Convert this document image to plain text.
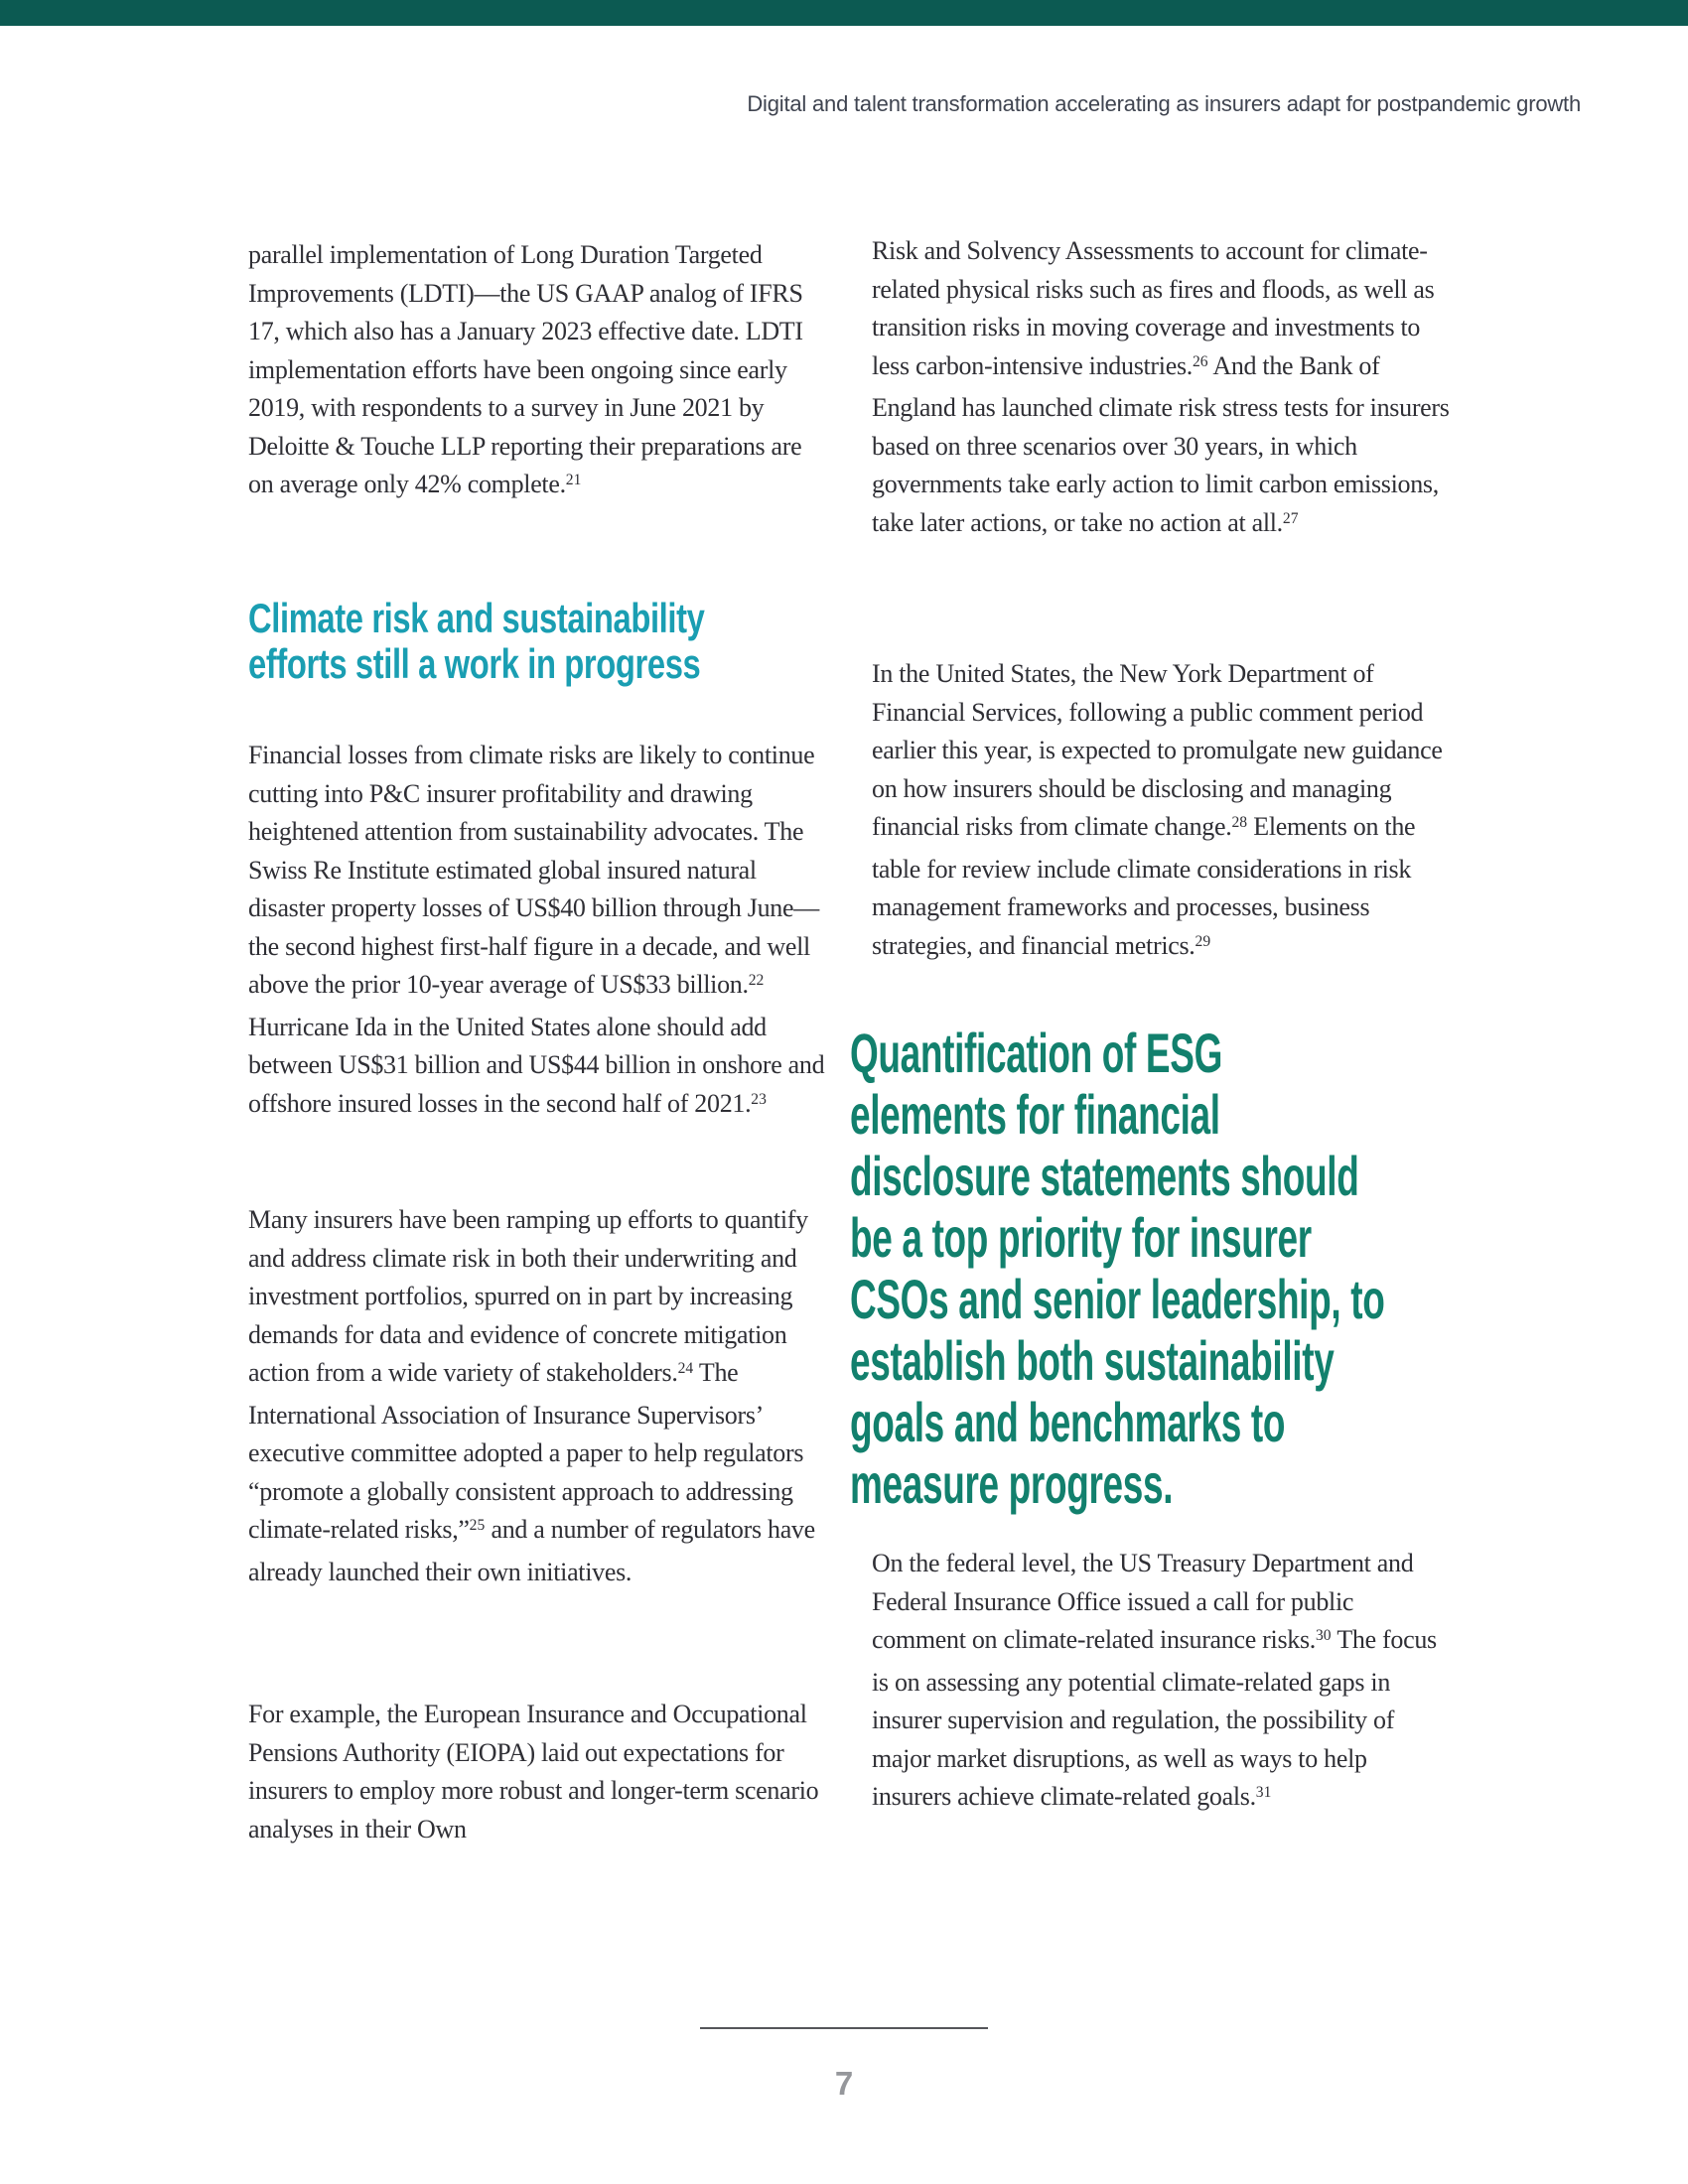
Digital and talent transformation accelerating as insurers adapt for postpandemic growth
parallel implementation of Long Duration Targeted Improvements (LDTI)—the US GAAP analog of IFRS 17, which also has a January 2023 effective date. LDTI implementation efforts have been ongoing since early 2019, with respondents to a survey in June 2021 by Deloitte & Touche LLP reporting their preparations are on average only 42% complete.$^{21}$
Climate risk and sustainability
efforts still a work in progress
Financial losses from climate risks are likely to continue cutting into P&C insurer profitability and drawing heightened attention from sustainability advocates. The Swiss Re Institute estimated global insured natural disaster property losses of US$40 billion through June—the second highest first-half figure in a decade, and well above the prior 10-year average of US$33 billion.$^{22}$ Hurricane Ida in the United States alone should add between US$31 billion and US$44 billion in onshore and offshore insured losses in the second half of 2021.23
Many insurers have been ramping up efforts to quantify and address climate risk in both their underwriting and investment portfolios, spurred on in part by increasing demands for data and evidence of concrete mitigation action from a wide variety of stakeholders.$^{24}$ The International Association of Insurance Supervisors’ executive committee adopted a paper to help regulators “promote a globally consistent approach to addressing climate-related risks,”$^{25}$ and a number of regulators have already launched their own initiatives.
For example, the European Insurance and Occupational Pensions Authority (EIOPA) laid out expectations for insurers to employ more robust and longer-term scenario analyses in their Own
Risk and Solvency Assessments to account for climate-related physical risks such as fires and floods, as well as transition risks in moving coverage and investments to less carbon-intensive industries.$^{26}$ And the Bank of England has launched climate risk stress tests for insurers based on three scenarios over 30 years, in which governments take early action to limit carbon emissions, take later actions, or take no action at all.$^{27}$
In the United States, the New York Department of Financial Services, following a public comment period earlier this year, is expected to promulgate new guidance on how insurers should be disclosing and managing financial risks from climate change.$^{28}$ Elements on the table for review include climate considerations in risk management frameworks and processes, business strategies, and financial metrics.$^{29}$
Quantification of ESG
elements for financial
disclosure statements should
be a top priority for insurer
CSOs and senior leadership, to
establish both sustainability
goals and benchmarks to
measure progress.
On the federal level, the US Treasury Department and Federal Insurance Office issued a call for public comment on climate-related insurance risks.$^{30}$ The focus is on assessing any potential climate-related gaps in insurer supervision and regulation, the possibility of major market disruptions, as well as ways to help insurers achieve climate-related goals.$^{31}$
7
